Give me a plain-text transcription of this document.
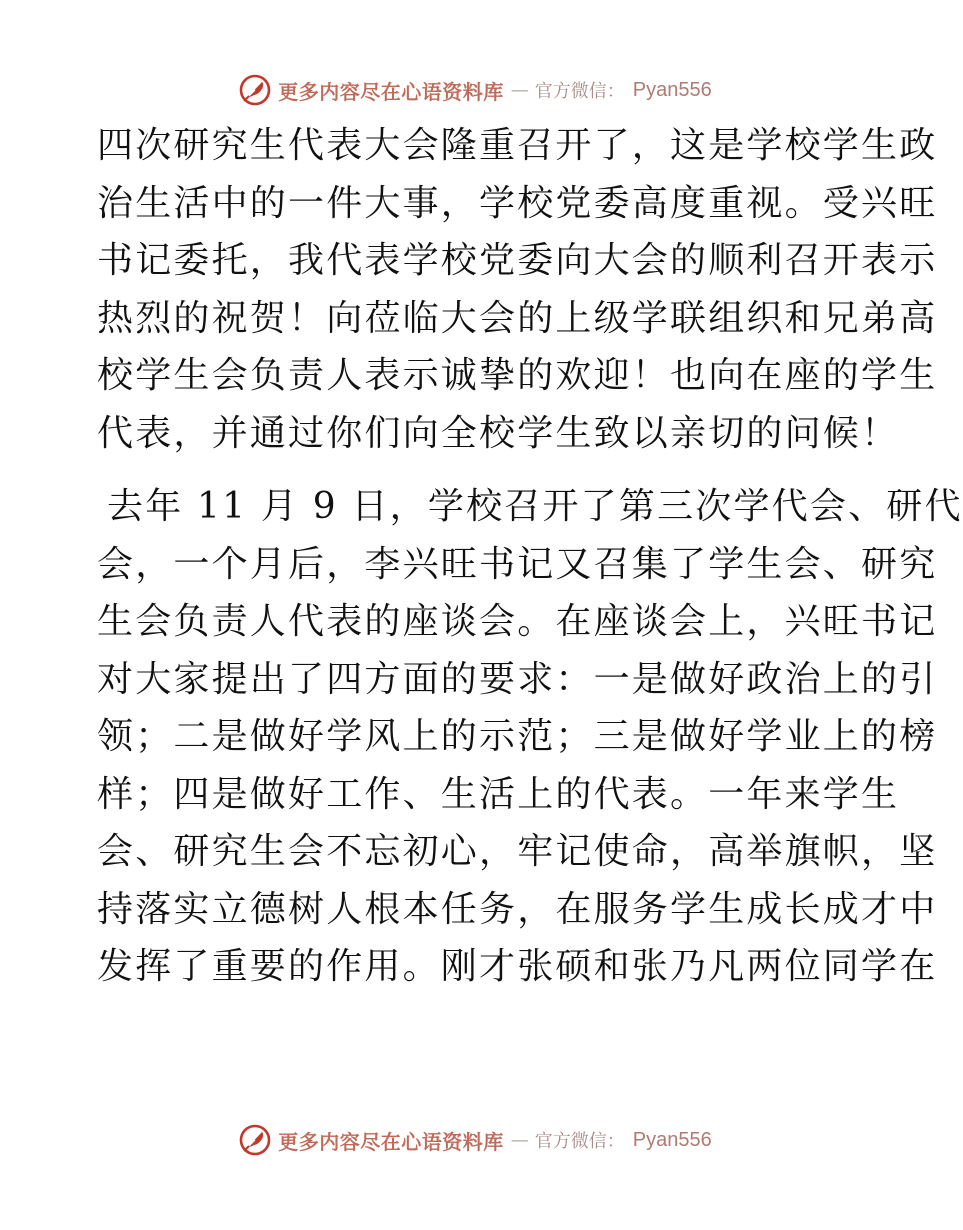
更多内容尽在心语资料库 — 官方微信： Pyan556
四次研究生代表大会隆重召开了，这是学校学生政
治生活中的一件大事，学校党委高度重视。受兴旺
书记委托，我代表学校党委向大会的顺利召开表示
热烈的祝贺！向莅临大会的上级学联组织和兄弟高
校学生会负责人表示诚挚的欢迎！也向在座的学生
代表，并通过你们向全校学生致以亲切的问候！
去年 11 月 9 日，学校召开了第三次学代会、研代
会，一个月后，李兴旺书记又召集了学生会、研究
生会负责人代表的座谈会。在座谈会上，兴旺书记
对大家提出了四方面的要求：一是做好政治上的引
领；二是做好学风上的示范；三是做好学业上的榜
样；四是做好工作、生活上的代表。一年来学生
会、研究生会不忘初心，牢记使命，高举旗帜，坚
持落实立德树人根本任务，在服务学生成长成才中
发挥了重要的作用。刚才张硕和张乃凡两位同学在
更多内容尽在心语资料库 — 官方微信： Pyan556
